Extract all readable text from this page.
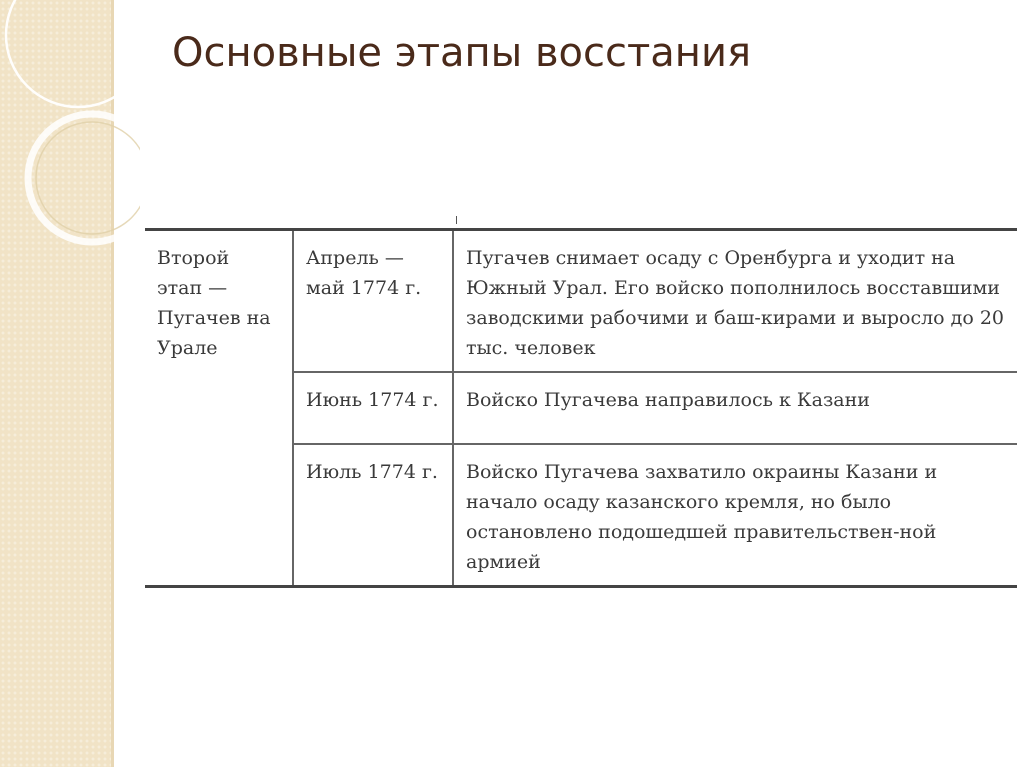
Основные этапы восстания
Второй этап — Пугачев на Урале	Апрель — май 1774 г.	Пугачев снимает осаду с Оренбурга и уходит на Южный Урал. Его войско пополнилось восставшими заводскими рабочими и баш-кирами и выросло до 20 тыс. человек
	Июнь 1774 г.	Войско Пугачева направилось к Казани
	Июль 1774 г.	Войско Пугачева захватило окраины Казани и начало осаду казанского кремля, но было остановлено подошедшей правительствен-ной армией
